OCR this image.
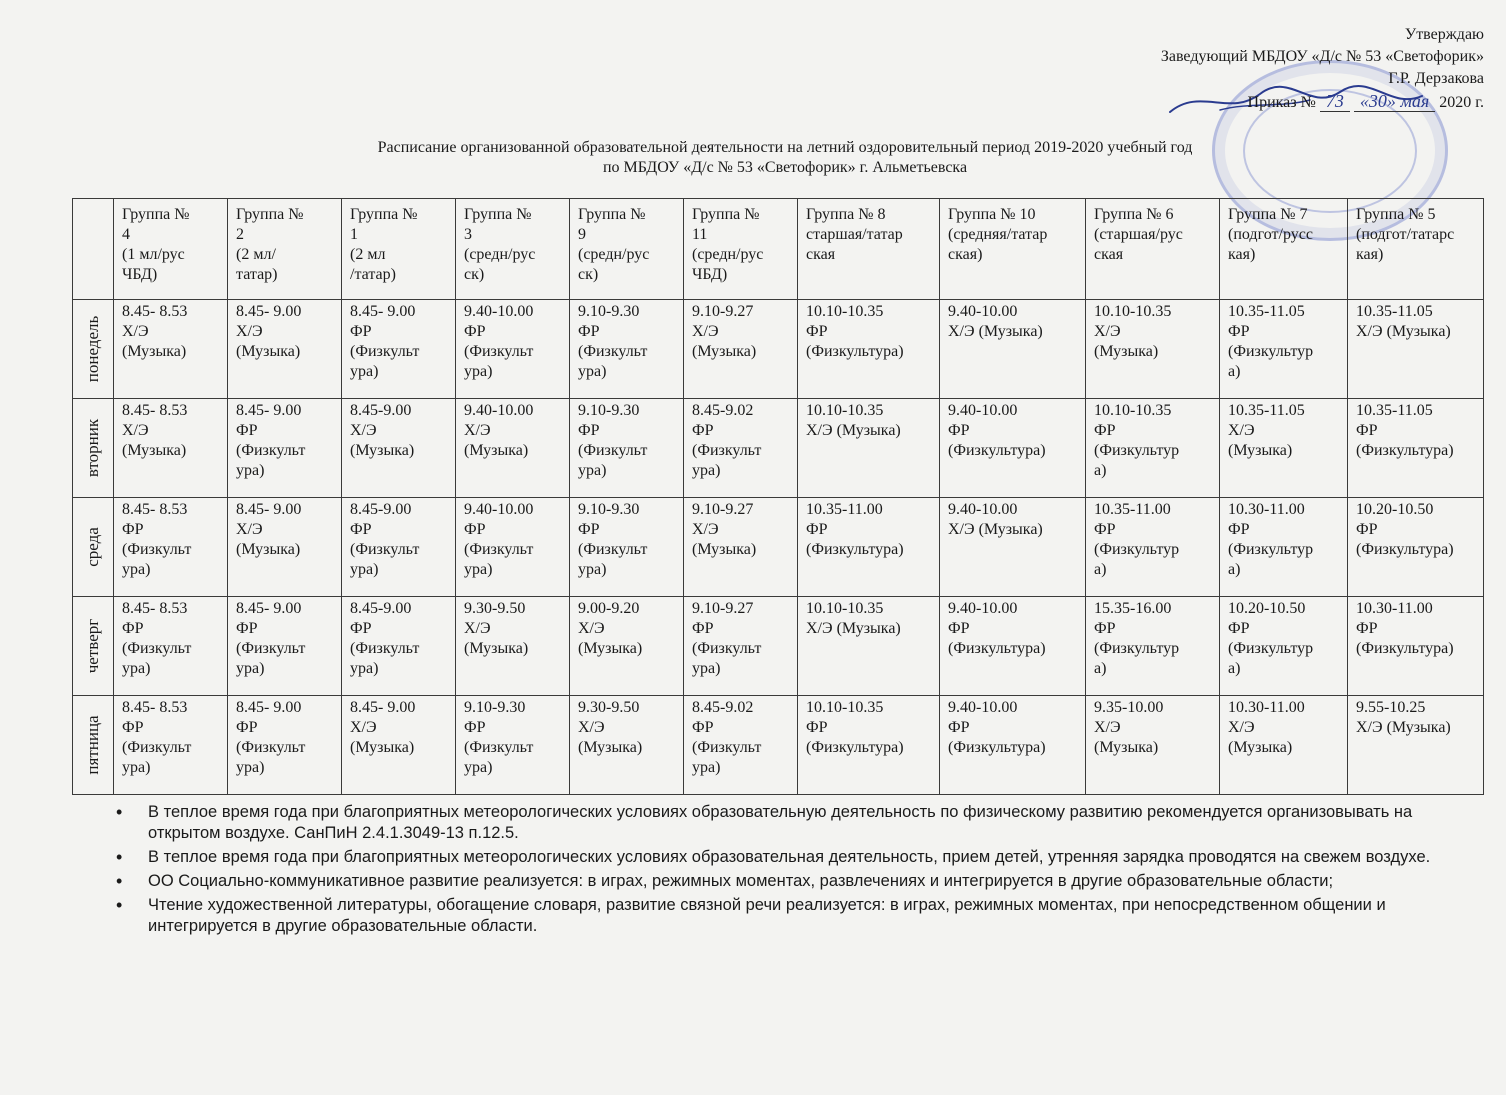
Утверждаю
Заведующий МБДОУ «Д/с № 53 «Светофорик»
Г.Р. Дерзакова
Приказ № 73 «30» мая 2020 г.
Расписание организованной образовательной деятельности на летний оздоровительный период 2019-2020 учебный год
по МБДОУ «Д/с № 53 «Светофорик» г. Альметьевска
	Группа №
4
(1 мл/рус
ЧБД)	Группа №
2
(2 мл/
татар)	Группа №
1
(2 мл
/татар)	Группа №
3
(средн/рус
ск)	Группа №
9
(средн/рус
ск)	Группа №
11
(средн/рус
ЧБД)	Группа № 8
старшая/татар
ская	Группа № 10
(средняя/татар
ская)	Группа № 6
(старшая/рус
ская	Группа № 7
(подгот/русс
кая)	Группа № 5
(подгот/татарс
кая)

понедель	8.45- 8.53
Х/Э
(Музыка)	8.45- 9.00
Х/Э
(Музыка)	8.45- 9.00
ФР
(Физкульт
ура)	9.40-10.00
ФР
(Физкульт
ура)	9.10-9.30
ФР
(Физкульт
ура)	9.10-9.27
Х/Э
(Музыка)	10.10-10.35
ФР
(Физкультура)	9.40-10.00
Х/Э (Музыка)	10.10-10.35
Х/Э
(Музыка)	10.35-11.05
ФР
(Физкультур
а)	10.35-11.05
Х/Э (Музыка)

вторник	8.45- 8.53
Х/Э
(Музыка)	8.45- 9.00
ФР
(Физкульт
ура)	8.45-9.00
Х/Э
(Музыка)	9.40-10.00
Х/Э
(Музыка)	9.10-9.30
ФР
(Физкульт
ура)	8.45-9.02
ФР
(Физкульт
ура)	10.10-10.35
Х/Э (Музыка)	9.40-10.00
ФР
(Физкультура)	10.10-10.35
ФР
(Физкультур
а)	10.35-11.05
Х/Э
(Музыка)	10.35-11.05
ФР
(Физкультура)

среда	8.45- 8.53
ФР
(Физкульт
ура)	8.45- 9.00
Х/Э
(Музыка)	8.45-9.00
ФР
(Физкульт
ура)	9.40-10.00
ФР
(Физкульт
ура)	9.10-9.30
ФР
(Физкульт
ура)	9.10-9.27
Х/Э
(Музыка)	10.35-11.00
ФР
(Физкультура)	9.40-10.00
Х/Э (Музыка)	10.35-11.00
ФР
(Физкультур
а)	10.30-11.00
ФР
(Физкультур
а)	10.20-10.50
ФР
(Физкультура)

четверг	8.45- 8.53
ФР
(Физкульт
ура)	8.45- 9.00
ФР
(Физкульт
ура)	8.45-9.00
ФР
(Физкульт
ура)	9.30-9.50
Х/Э
(Музыка)	9.00-9.20
Х/Э
(Музыка)	9.10-9.27
ФР
(Физкульт
ура)	10.10-10.35
Х/Э (Музыка)	9.40-10.00
ФР
(Физкультура)	15.35-16.00
ФР
(Физкультур
а)	10.20-10.50
ФР
(Физкультур
а)	10.30-11.00
ФР
(Физкультура)

пятница	8.45- 8.53
ФР
(Физкульт
ура)	8.45- 9.00
ФР
(Физкульт
ура)	8.45- 9.00
Х/Э
(Музыка)	9.10-9.30
ФР
(Физкульт
ура)	9.30-9.50
Х/Э
(Музыка)	8.45-9.02
ФР
(Физкульт
ура)	10.10-10.35
ФР
(Физкультура)	9.40-10.00
ФР
(Физкультура)	9.35-10.00
Х/Э
(Музыка)	10.30-11.00
Х/Э
(Музыка)	9.55-10.25
Х/Э (Музыка)
• В теплое время года при благоприятных метеорологических условиях образовательную деятельность по физическому развитию рекомендуется организовывать на открытом воздухе. СанПиН 2.4.1.3049-13 п.12.5.
• В теплое время года при благоприятных метеорологических условиях образовательная деятельность, прием детей, утренняя зарядка проводятся на свежем воздухе.
• ОО Социально-коммуникативное развитие реализуется: в играх, режимных моментах, развлечениях и интегрируется в другие образовательные области;
• Чтение художественной литературы, обогащение словаря, развитие связной речи реализуется: в играх, режимных моментах, при непосредственном общении и интегрируется в другие образовательные области.
